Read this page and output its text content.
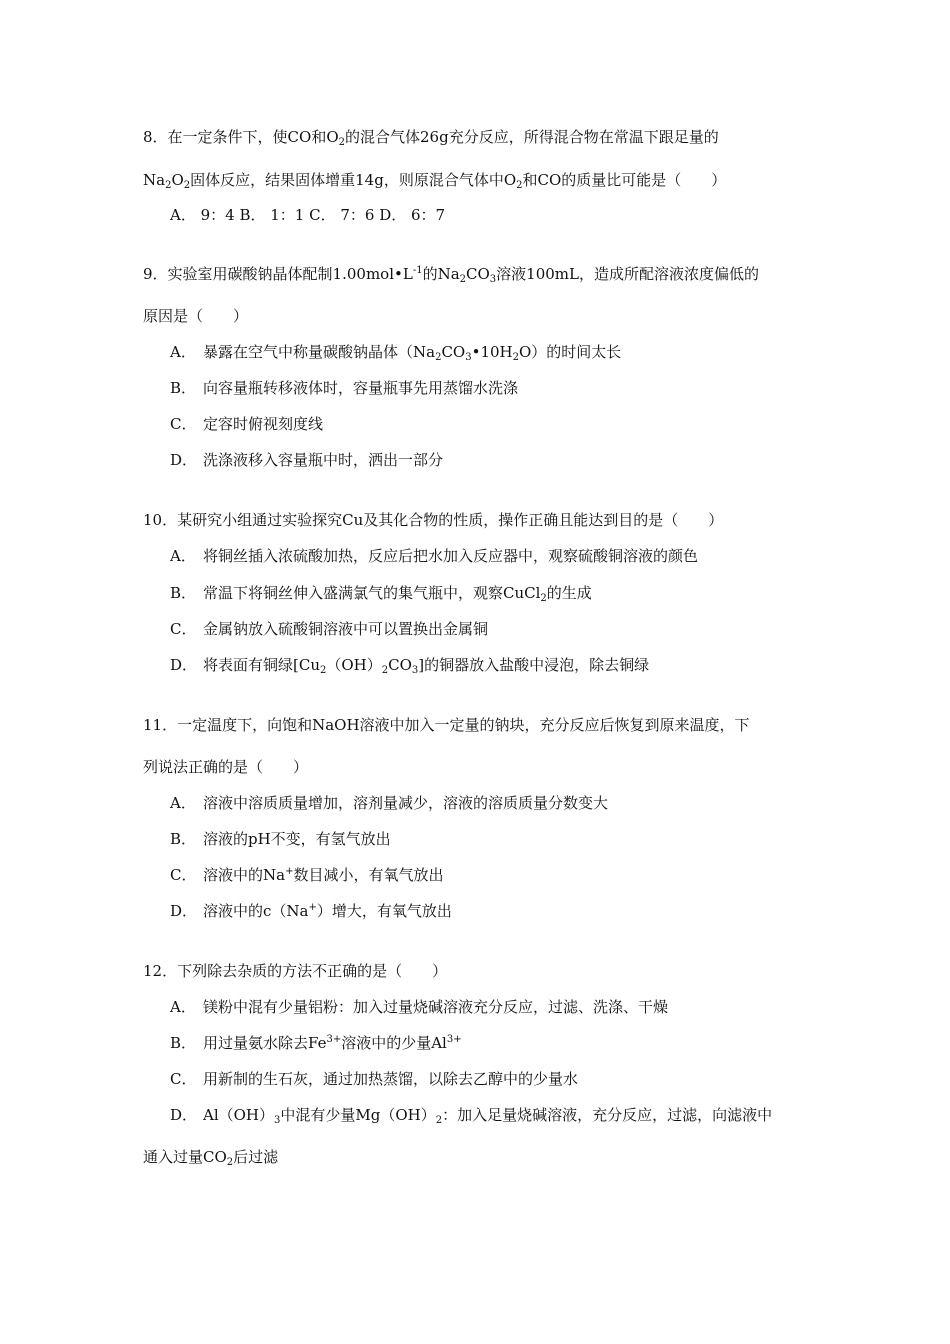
8．在一定条件下，使CO和$O_2$的混合气体26g充分反应，所得混合物在常温下跟足量的
$Na_2O_2$固体反应，结果固体增重14g，则原混合气体中$O_2$和CO的质量比可能是（　　）
A． 9：4 B． 1：1 C． 7：6 D． 6：7
9．实验室用碳酸钠晶体配制$1.00mol•L^{-1}$的$Na_2CO_3$溶液100mL，造成所配溶液浓度偏低的
原因是（　　）
A． 暴露在空气中称量碳酸钠晶体$(Na_2CO_3•10H_2O)$的时间太长
B． 向容量瓶转移液体时，容量瓶事先用蒸馏水洗涤
C． 定容时俯视刻度线
D． 洗涤液移入容量瓶中时，洒出一部分
10．某研究小组通过实验探究Cu及其化合物的性质，操作正确且能达到目的是（　　）
A． 将铜丝插入浓硫酸加热，反应后把水加入反应器中，观察硫酸铜溶液的颜色
B． 常温下将铜丝伸入盛满氯气的集气瓶中，观察CuCl$_2$的生成
C． 金属钠放入硫酸铜溶液中可以置换出金属铜
D． 将表面有铜绿$[Cu_2(OH)_2CO_3]$的铜器放入盐酸中浸泡，除去铜绿
11．一定温度下，向饱和NaOH溶液中加入一定量的钠块，充分反应后恢复到原来温度，下
列说法正确的是（　　）
A． 溶液中溶质质量增加，溶剂量减少，溶液的溶质质量分数变大
B． 溶液的pH不变，有氢气放出
C． 溶液中的Na+数目减小，有氧气放出
D． 溶液中的c（Na+）增大，有氧气放出
12．下列除去杂质的方法不正确的是（　　）
A． 镁粉中混有少量铝粉：加入过量烧碱溶液充分反应，过滤、洗涤、干燥
B． 用过量氨水除去$Fe^{3+}$溶液中的少量$Al^{3+}$
C． 用新制的生石灰，通过加热蒸馏，以除去乙醇中的少量水
D． $Al(OH)_3$中混有少量$Mg(OH)_2$：加入足量烧碱溶液，充分反应，过滤，向滤液中
通入过量$CO_2$后过滤
